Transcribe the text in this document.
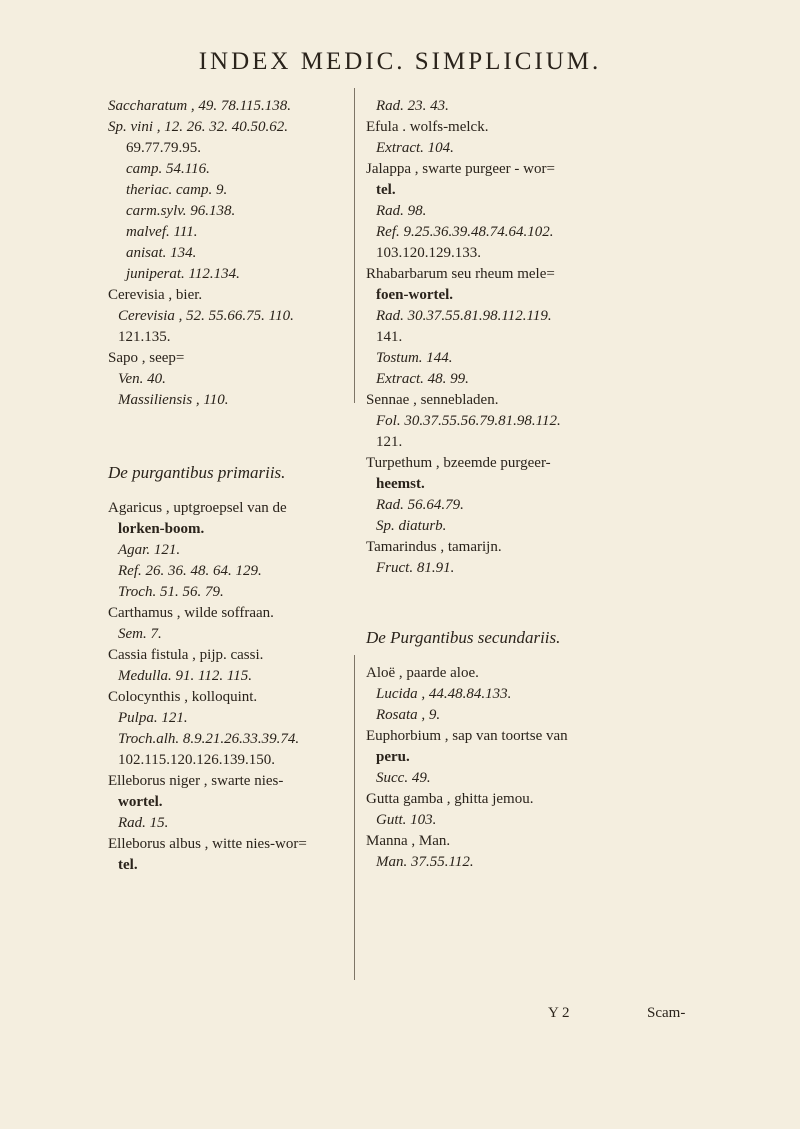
INDEX MEDIC. SIMPLICIUM.
Saccharatum , 49. 78.115.138.
Sp. vini , 12. 26. 32. 40.50.62.
69.77.79.95.
camp. 54.116.
theriac. camp. 9.
carm.sylv. 96.138.
malvef. 111.
anisat. 134.
juniperat. 112.134.
Cerevisia , bier.
Cerevisia , 52. 55.66.75. 110.
121.135.
Sapo , seep=
Ven. 40.
Massiliensis , 110.
De purgantibus primariis.
Agaricus , uptgroepsel van de
lorken-boom.
Agar. 121.
Ref. 26. 36. 48. 64. 129.
Troch. 51. 56. 79.
Carthamus , wilde soffraan.
Sem. 7.
Cassia fistula , pijp. cassi.
Medulla. 91. 112. 115.
Colocynthis , kolloquint.
Pulpa. 121.
Troch.alh. 8.9.21.26.33.39.74.
102.115.120.126.139.150.
Elleborus niger , swarte nies-
wortel.
Rad. 15.
Elleborus albus , witte nies-wor=
tel.
Rad. 23. 43.
Efula . wolfs-melck.
Extract. 104.
Jalappa , swarte purgeer - wor=
tel.
Rad. 98.
Ref. 9.25.36.39.48.74.64.102.
103.120.129.133.
Rhabarbarum seu rheum mele=
foen-wortel.
Rad. 30.37.55.81.98.112.119.
141.
Tostum. 144.
Extract. 48. 99.
Sennae , sennebladen.
Fol. 30.37.55.56.79.81.98.112.
121.
Turpethum , bzeemde purgeer-
heemst.
Rad. 56.64.79.
Sp. diaturb.
Tamarindus , tamarijn.
Fruct. 81.91.
De Purgantibus secundariis.
Aloë , paarde aloe.
Lucida , 44.48.84.133.
Rosata , 9.
Euphorbium , sap van toortse van
peru.
Succ. 49.
Gutta gamba , ghitta jemou.
Gutt. 103.
Manna , Man.
Man. 37.55.112.
Y 2	Scam-
